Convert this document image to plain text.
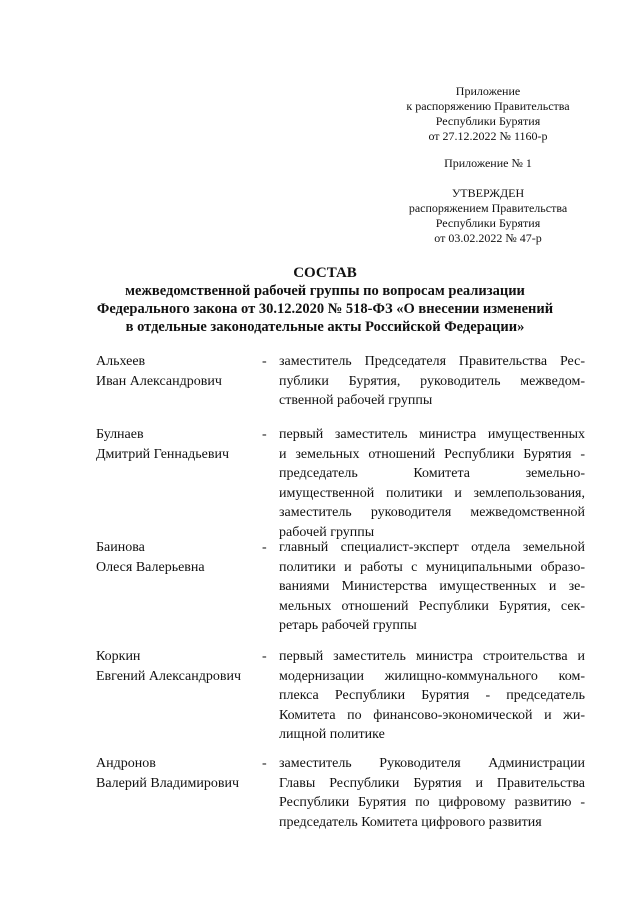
Приложение
к распоряжению Правительства
Республики Бурятия
от 27.12.2022 № 1160-р
Приложение № 1
УТВЕРЖДЕН
распоряжением Правительства
Республики Бурятия
от 03.02.2022 № 47-р
СОСТАВ
межведомственной рабочей группы по вопросам реализации
Федерального закона от 30.12.2020 № 518-ФЗ «О внесении изменений
в отдельные законодательные акты Российской Федерации»
Альхеев
Иван Александрович
- заместитель Председателя Правительства Рес-
публики Бурятия, руководитель межведом-
ственной рабочей группы
Булнаев
Дмитрий Геннадьевич
- первый заместитель министра имущественных
и земельных отношений Республики Бурятия -
председатель Комитета земельно-
имущественной политики и землепользования,
заместитель руководителя межведомственной
рабочей группы
Баинова
Олеся Валерьевна
- главный специалист-эксперт отдела земельной
политики и работы с муниципальными образо-
ваниями Министерства имущественных и зе-
мельных отношений Республики Бурятия, сек-
ретарь рабочей группы
Коркин
Евгений Александрович
- первый заместитель министра строительства и
модернизации жилищно-коммунального ком-
плекса Республики Бурятия - председатель
Комитета по финансово-экономической и жи-
лищной политике
Андронов
Валерий Владимирович
- заместитель Руководителя Администрации
Главы Республики Бурятия и Правительства
Республики Бурятия по цифровому развитию -
председатель Комитета цифрового развития
